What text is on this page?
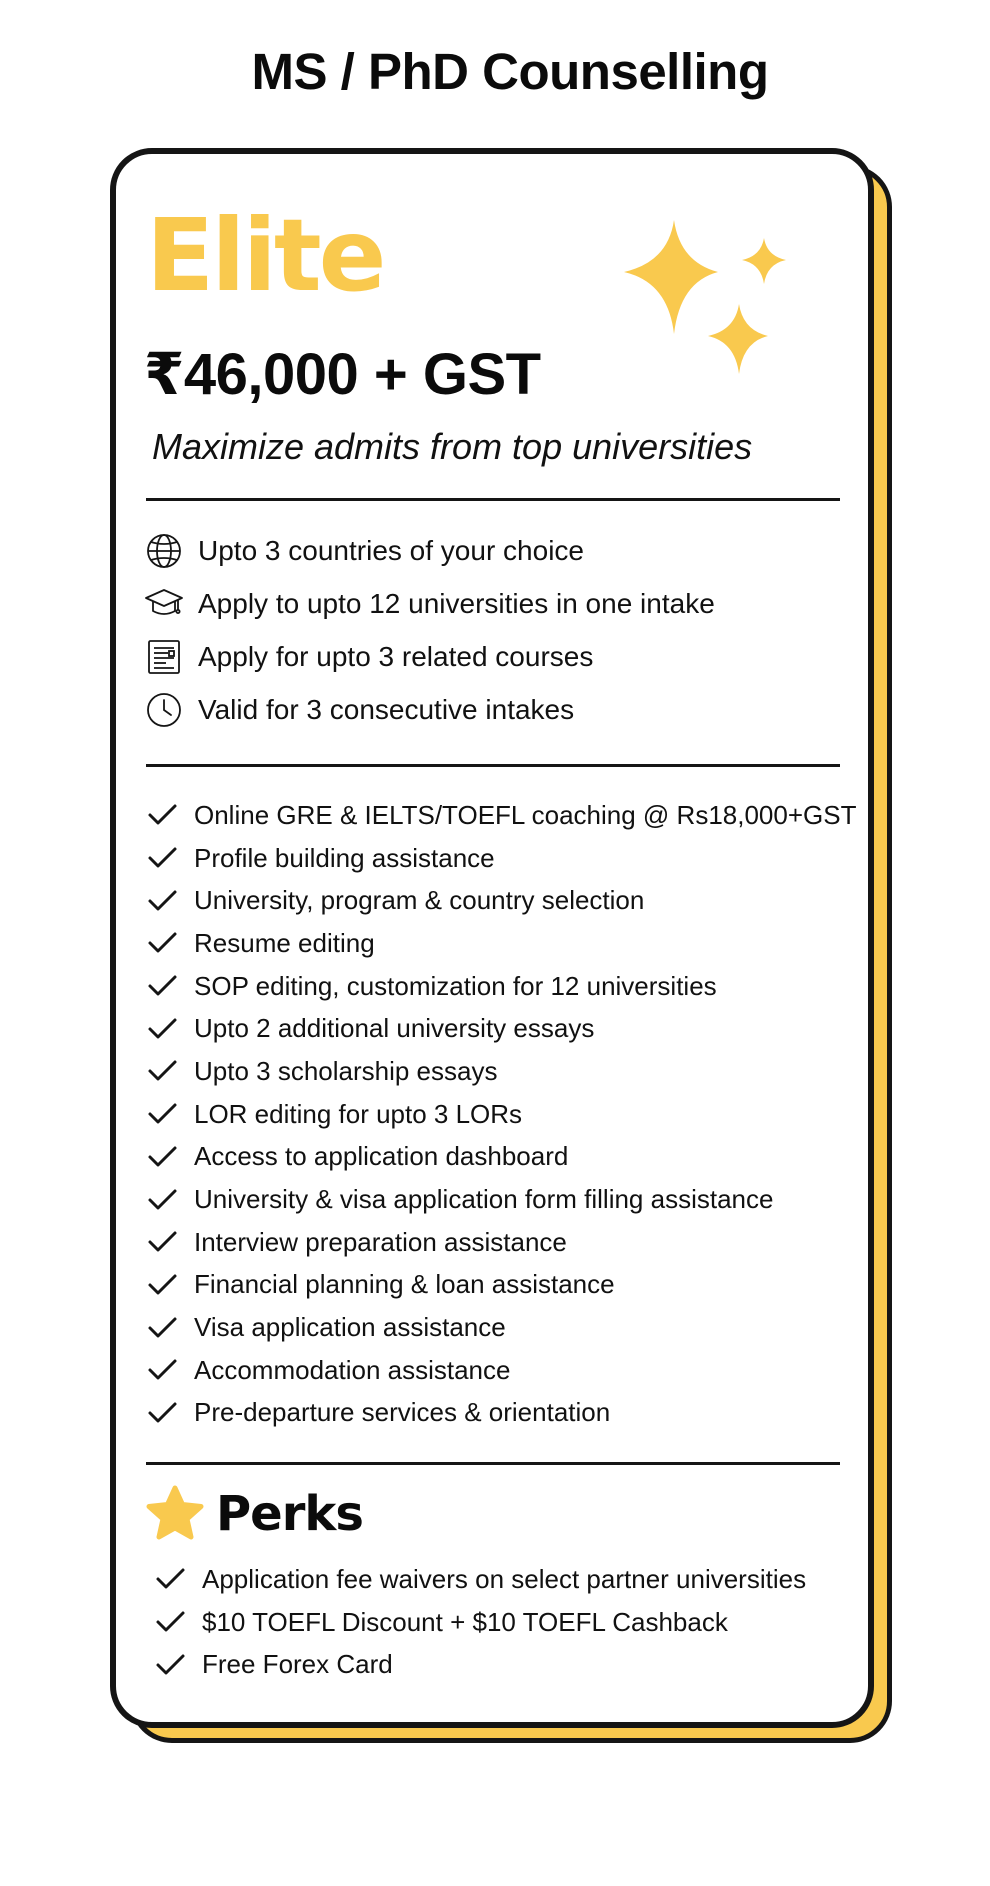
MS / PhD Counselling
Elite
₹46,000 + GST
Maximize admits from top universities
Upto 3 countries of your choice
Apply to upto 12 universities in one intake
Apply for upto 3 related courses
Valid for 3 consecutive intakes
Online GRE & IELTS/TOEFL coaching @ Rs18,000+GST
Profile building assistance
University, program & country selection
Resume editing
SOP editing, customization for 12 universities
Upto 2 additional university essays
Upto 3 scholarship essays
LOR editing for upto 3 LORs
Access to application dashboard
University & visa application form filling assistance
Interview preparation assistance
Financial planning & loan assistance
Visa application assistance
Accommodation assistance
Pre-departure services & orientation
Perks
Application fee waivers on select partner universities
$10 TOEFL Discount + $10 TOEFL Cashback
Free Forex Card
